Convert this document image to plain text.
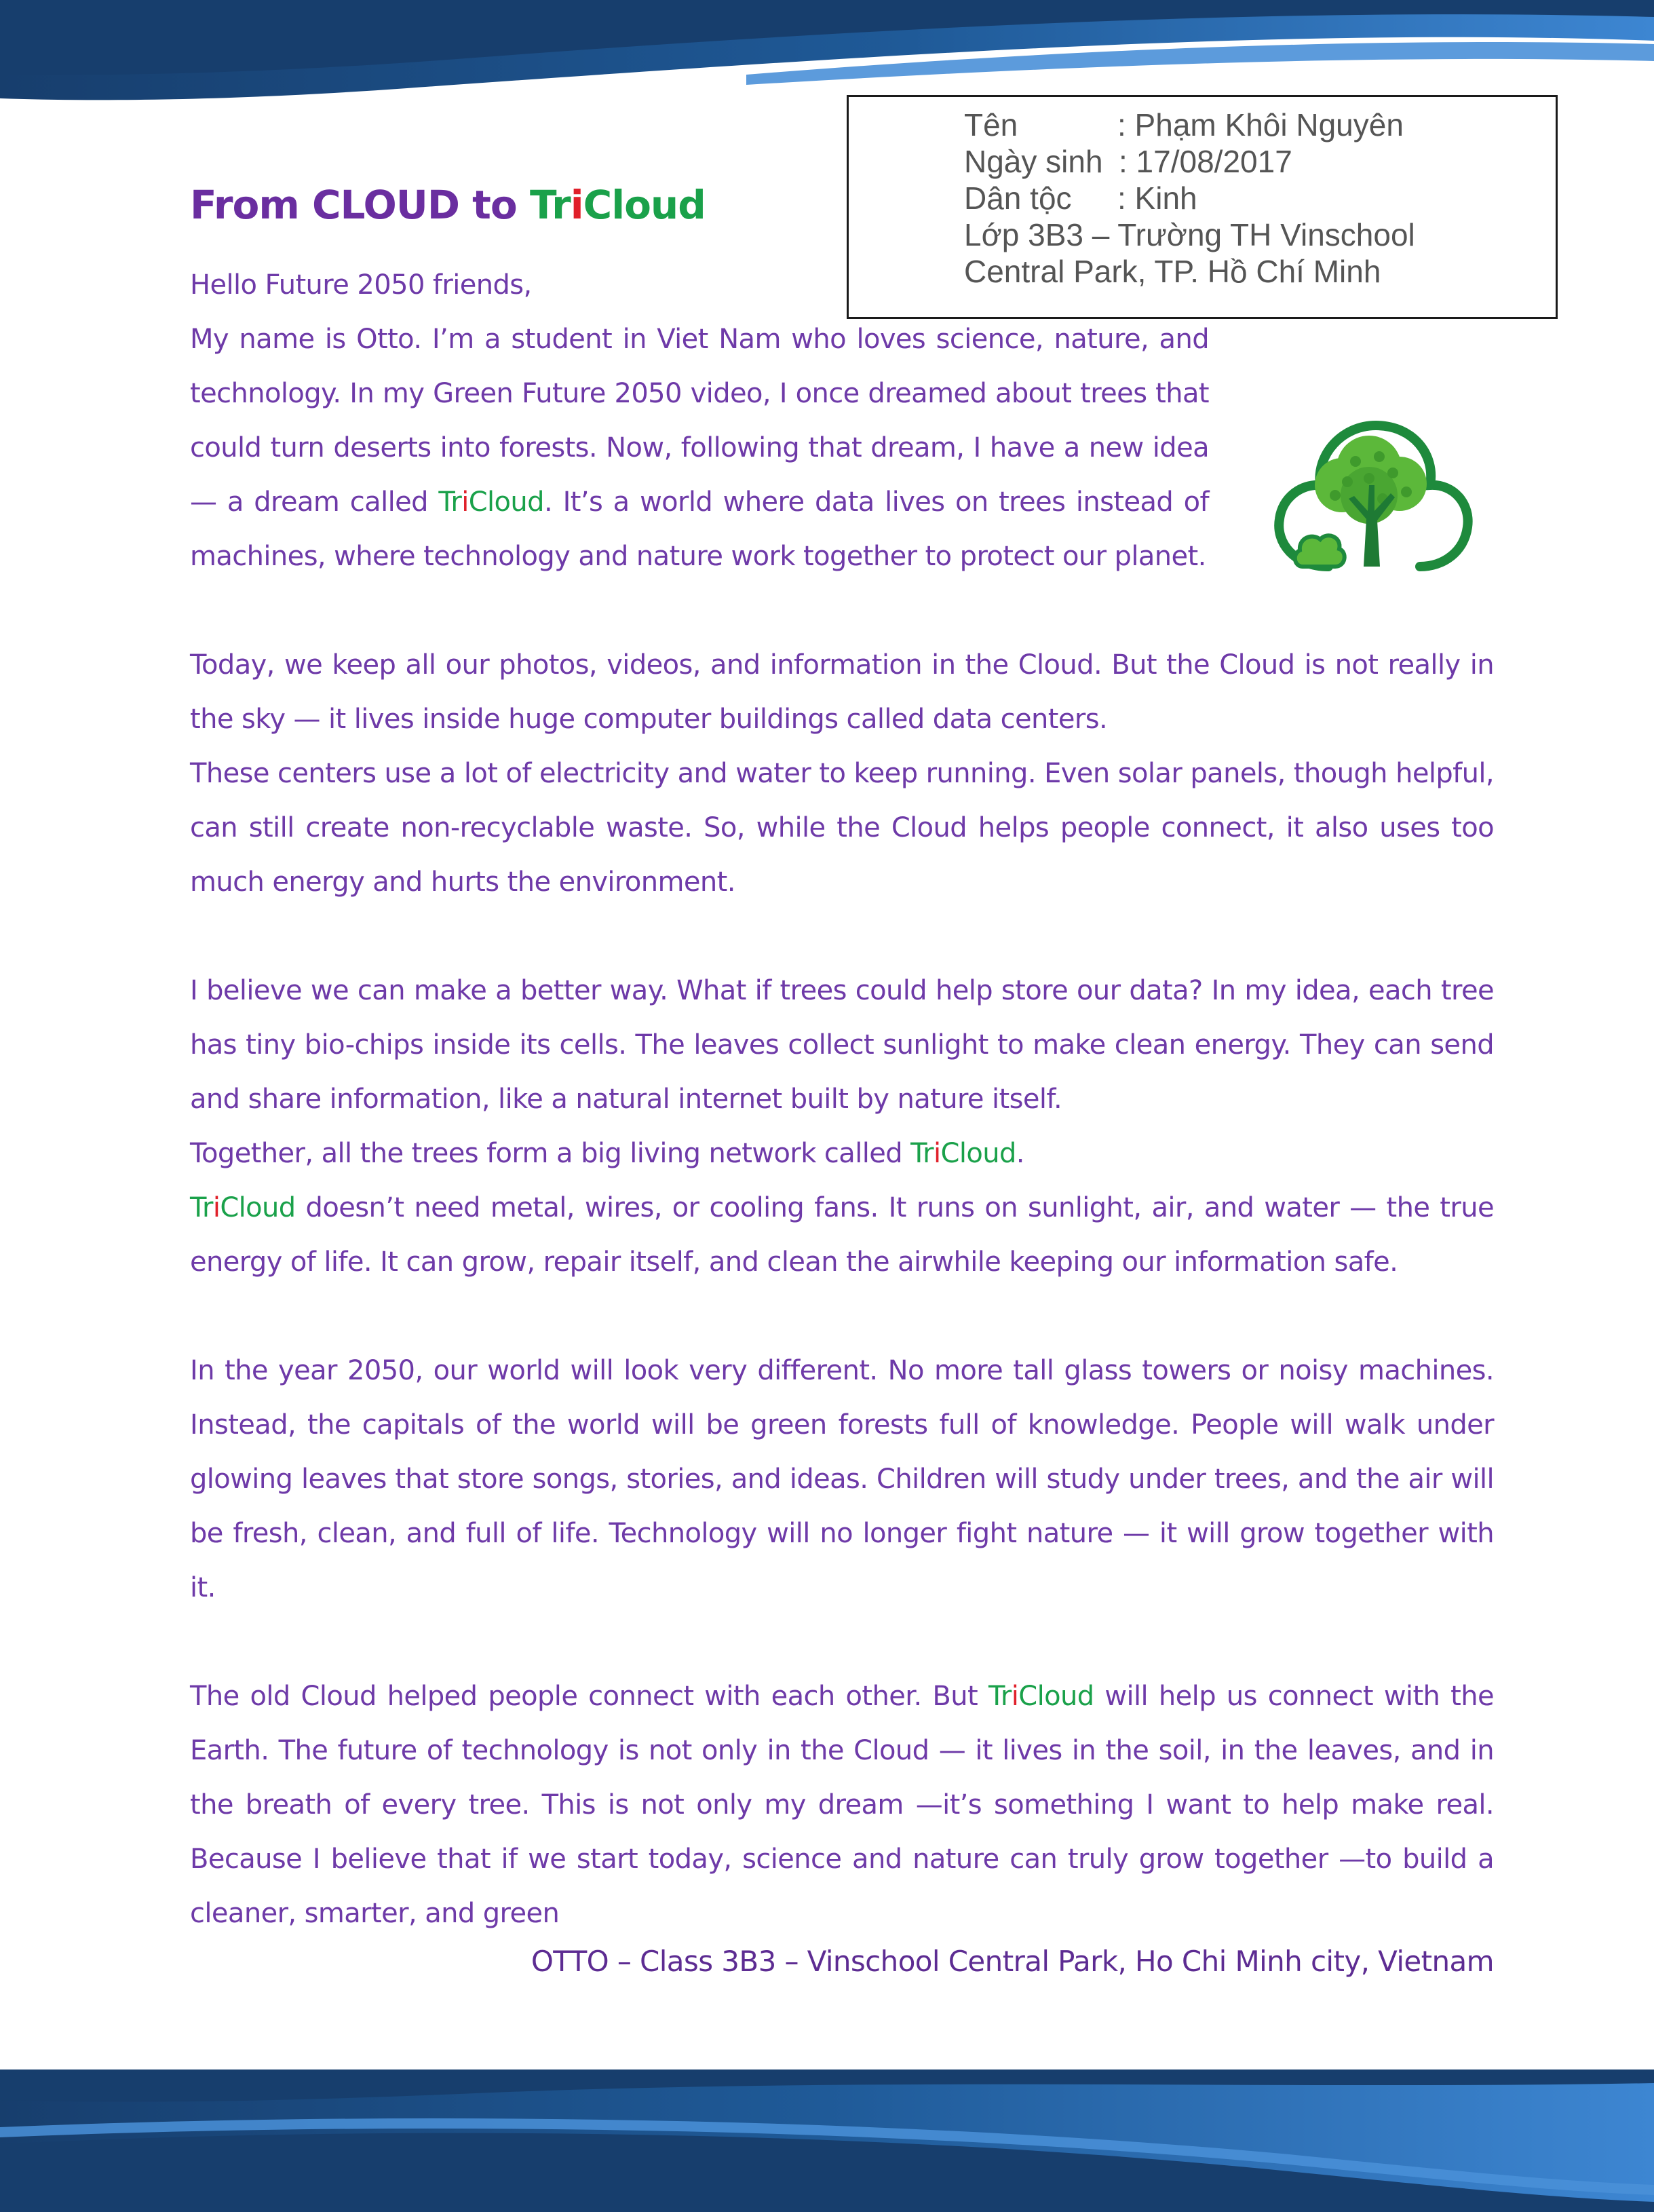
Tên	: Phạm Khôi Nguyên
Ngày sinh : 17/08/2017
Dân tộc : Kinh
Lớp 3B3 – Trường TH Vinschool
Central Park, TP. Hồ Chí Minh
From CLOUD to TriCloud

Hello Future 2050 friends,

My name is Otto. I’m a student in Viet Nam who loves science, nature, and technology. In my Green Future 2050 video, I once dreamed about trees that could turn deserts into forests. Now, following that dream, I have a new idea — a dream called TriCloud. It’s a world where data lives on trees instead of machines, where technology and nature work together to protect our planet.

Today, we keep all our photos, videos, and information in the Cloud. But the Cloud is not really in the sky — it lives inside huge computer buildings called data centers.

These centers use a lot of electricity and water to keep running. Even solar panels, though helpful, can still create non-recyclable waste. So, while the Cloud helps people connect, it also uses too much energy and hurts the environment.

I believe we can make a better way. What if trees could help store our data? In my idea, each tree has tiny bio-chips inside its cells. The leaves collect sunlight to make clean energy. They can send and share information, like a natural internet built by nature itself.

Together, all the trees form a big living network called TriCloud.

TriCloud doesn’t need metal, wires, or cooling fans. It runs on sunlight, air, and water — the true energy of life. It can grow, repair itself, and clean the airwhile keeping our information safe.

In the year 2050, our world will look very different. No more tall glass towers or noisy machines. Instead, the capitals of the world will be green forests full of knowledge. People will walk under glowing leaves that store songs, stories, and ideas. Children will study under trees, and the air will be fresh, clean, and full of life. Technology will no longer fight nature — it will grow together with it.

The old Cloud helped people connect with each other. But TriCloud will help us connect with the Earth. The future of technology is not only in the Cloud — it lives in the soil, in the leaves, and in the breath of every tree. This is not only my dream —it’s something I want to help make real. Because I believe that if we start today, science and nature can truly grow together —to build a cleaner, smarter, and green

OTTO – Class 3B3 – Vinschool Central Park, Ho Chi Minh city, Vietnam
